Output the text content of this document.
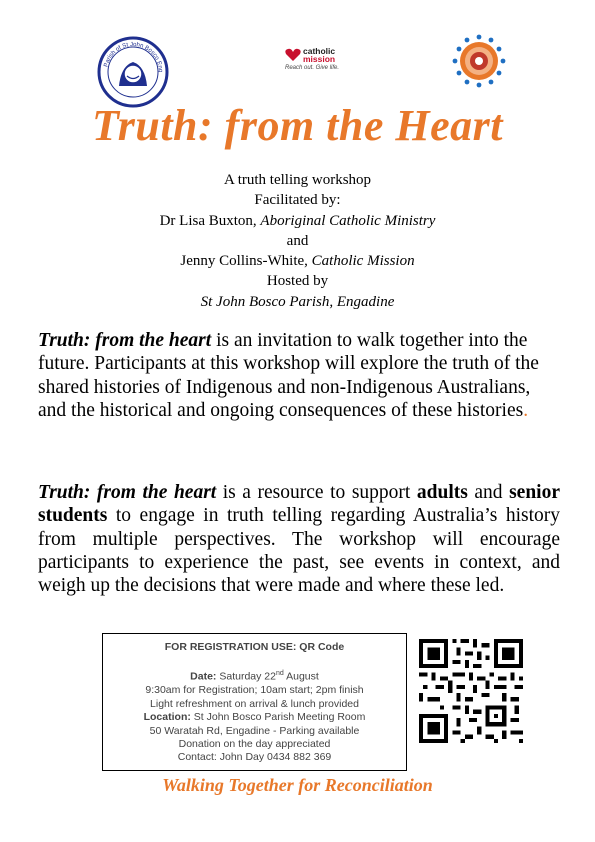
Parish of St John Bosco Eng
catholic
mission
Reach out. Give life.
Truth: from the Heart
A truth telling workshop
Facilitated by:
Dr Lisa Buxton, Aboriginal Catholic Ministry
and
Jenny Collins-White, Catholic Mission
Hosted by
St John Bosco Parish, Engadine

Truth: from the heart is an invitation to walk together into the future. Participants at this workshop will explore the truth of the shared histories of Indigenous and non-Indigenous Australians, and the historical and ongoing consequences of these histories.

Truth: from the heart is a resource to support adults and senior students to engage in truth telling regarding Australia’s history from multiple perspectives. The workshop will encourage participants to experience the past, see events in context, and weigh up the decisions that were made and where these led.

FOR REGISTRATION USE: QR Code
Date: Saturday 22nd August
9:30am for Registration; 10am start; 2pm finish
Light refreshment on arrival & lunch provided
Location: St John Bosco Parish Meeting Room
50 Waratah Rd, Engadine - Parking available
Donation on the day appreciated
Contact: John Day 0434 882 369

Walking Together for Reconciliation
